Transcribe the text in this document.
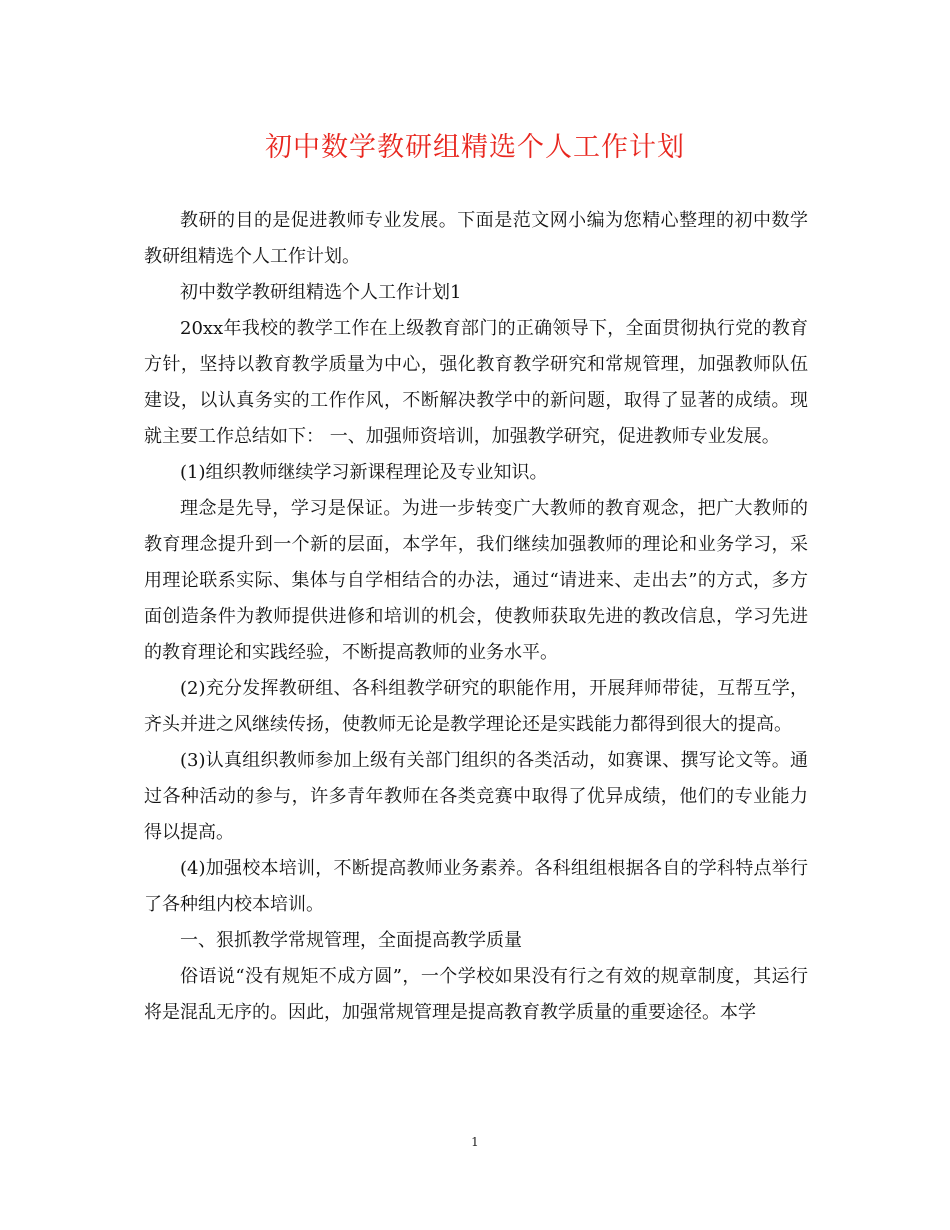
初中数学教研组精选个人工作计划

教研的目的是促进教师专业发展。下面是范文网小编为您精心整理的初中数学教研组精选个人工作计划。

初中数学教研组精选个人工作计划1

20xx年我校的教学工作在上级教育部门的正确领导下，全面贯彻执行党的教育方针，坚持以教育教学质量为中心，强化教育教学研究和常规管理，加强教师队伍建设，以认真务实的工作作风，不断解决教学中的新问题，取得了显著的成绩。现就主要工作总结如下： 一、加强师资培训，加强教学研究，促进教师专业发展。

(1)组织教师继续学习新课程理论及专业知识。

理念是先导，学习是保证。为进一步转变广大教师的教育观念，把广大教师的教育理念提升到一个新的层面，本学年，我们继续加强教师的理论和业务学习，采用理论联系实际、集体与自学相结合的办法，通过“请进来、走出去”的方式，多方面创造条件为教师提供进修和培训的机会，使教师获取先进的教改信息，学习先进的教育理论和实践经验，不断提高教师的业务水平。

(2)充分发挥教研组、各科组教学研究的职能作用，开展拜师带徒，互帮互学，齐头并进之风继续传扬，使教师无论是教学理论还是实践能力都得到很大的提高。

(3)认真组织教师参加上级有关部门组织的各类活动，如赛课、撰写论文等。通过各种活动的参与，许多青年教师在各类竞赛中取得了优异成绩，他们的专业能力得以提高。

(4)加强校本培训，不断提高教师业务素养。各科组组根据各自的学科特点举行了各种组内校本培训。

一、狠抓教学常规管理，全面提高教学质量

俗语说“没有规矩不成方圆”，一个学校如果没有行之有效的规章制度，其运行将是混乱无序的。因此，加强常规管理是提高教育教学质量的重要途径。本学

1
